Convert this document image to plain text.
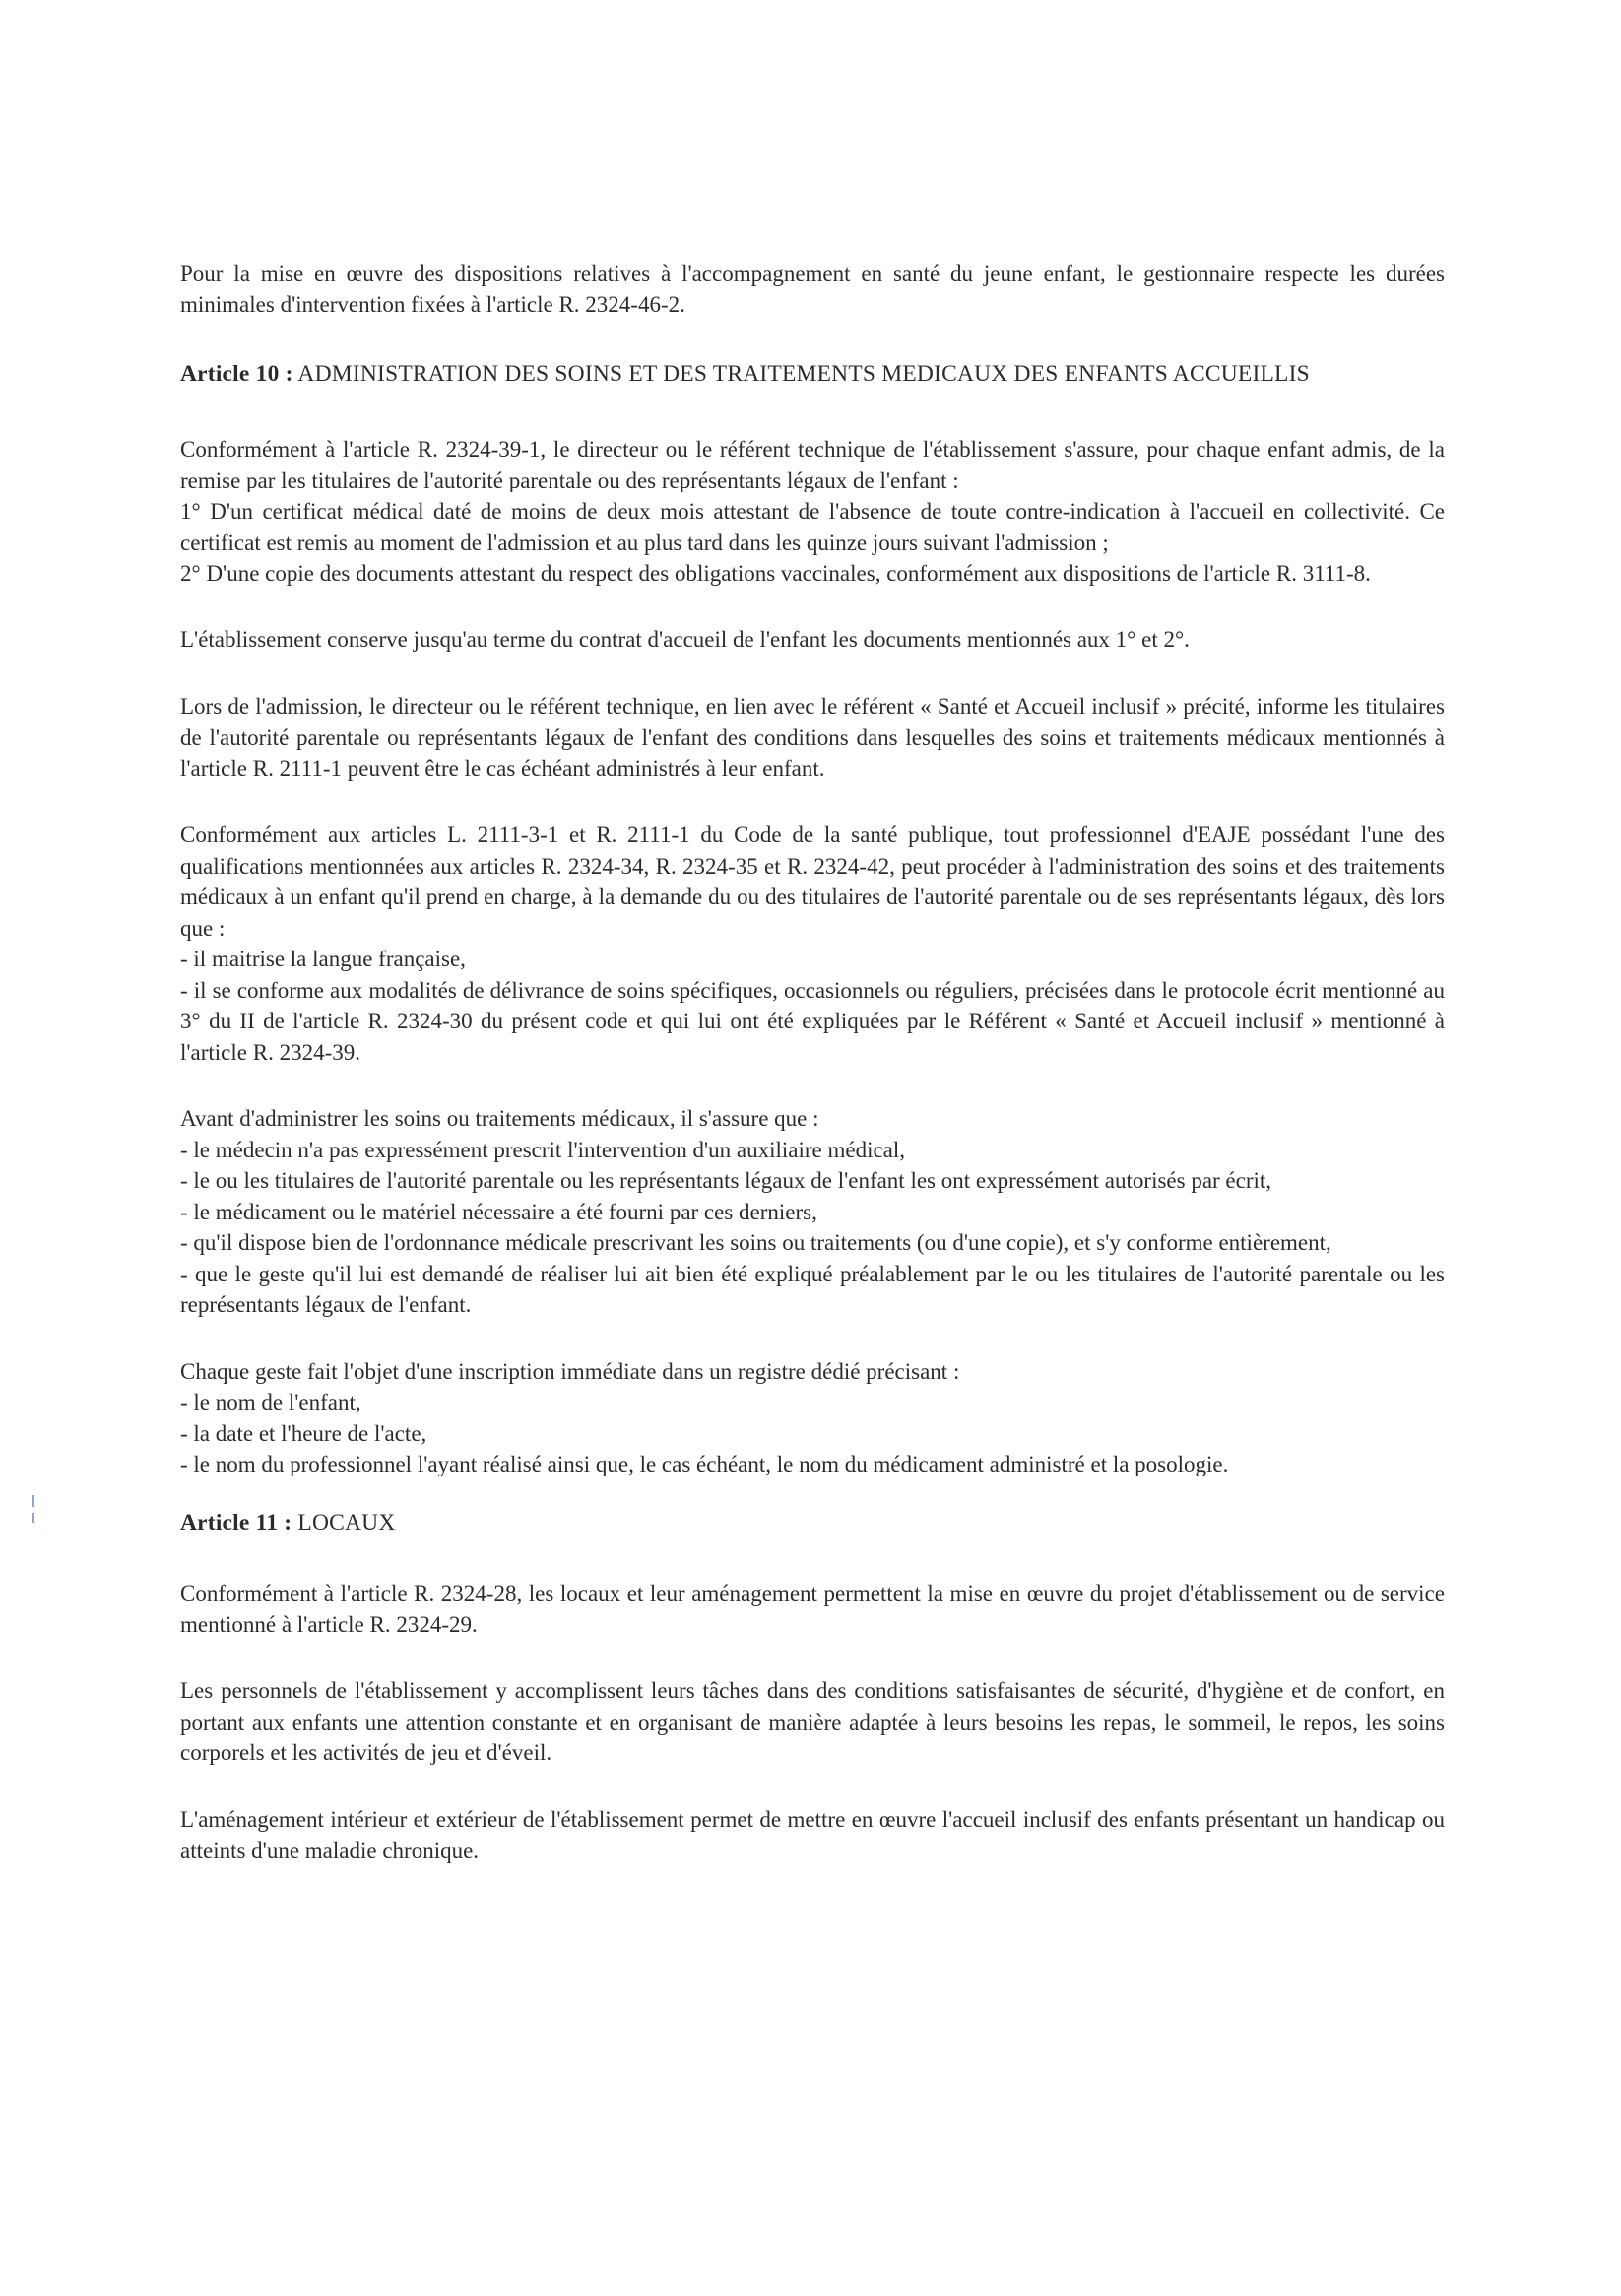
Pour la mise en œuvre des dispositions relatives à l'accompagnement en santé du jeune enfant, le gestionnaire respecte les durées minimales d'intervention fixées à l'article R. 2324-46-2.

Article 10 : ADMINISTRATION DES SOINS ET DES TRAITEMENTS MEDICAUX DES ENFANTS ACCUEILLIS
Conformément à l'article R. 2324-39-1, le directeur ou le référent technique de l'établissement s'assure, pour chaque enfant admis, de la remise par les titulaires de l'autorité parentale ou des représentants légaux de l'enfant :
1° D'un certificat médical daté de moins de deux mois attestant de l'absence de toute contre-indication à l'accueil en collectivité. Ce certificat est remis au moment de l'admission et au plus tard dans les quinze jours suivant l'admission ;
2° D'une copie des documents attestant du respect des obligations vaccinales, conformément aux dispositions de l'article R. 3111-8.

L'établissement conserve jusqu'au terme du contrat d'accueil de l'enfant les documents mentionnés aux 1° et 2°.

Lors de l'admission, le directeur ou le référent technique, en lien avec le référent « Santé et Accueil inclusif » précité, informe les titulaires de l'autorité parentale ou représentants légaux de l'enfant des conditions dans lesquelles des soins et traitements médicaux mentionnés à l'article R. 2111-1 peuvent être le cas échéant administrés à leur enfant.

Conformément aux articles L. 2111-3-1 et R. 2111-1 du Code de la santé publique, tout professionnel d'EAJE possédant l'une des qualifications mentionnées aux articles R. 2324-34, R. 2324-35 et R. 2324-42, peut procéder à l'administration des soins et des traitements médicaux à un enfant qu'il prend en charge, à la demande du ou des titulaires de l'autorité parentale ou de ses représentants légaux, dès lors que :
- il maitrise la langue française,
- il se conforme aux modalités de délivrance de soins spécifiques, occasionnels ou réguliers, précisées dans le protocole écrit mentionné au 3° du II de l'article R. 2324-30 du présent code et qui lui ont été expliquées par le Référent « Santé et Accueil inclusif » mentionné à l'article R. 2324-39.
Avant d'administrer les soins ou traitements médicaux, il s'assure que :
- le médecin n'a pas expressément prescrit l'intervention d'un auxiliaire médical,
- le ou les titulaires de l'autorité parentale ou les représentants légaux de l'enfant les ont expressément autorisés par écrit,
- le médicament ou le matériel nécessaire a été fourni par ces derniers,
- qu'il dispose bien de l'ordonnance médicale prescrivant les soins ou traitements (ou d'une copie), et s'y conforme entièrement,
- que le geste qu'il lui est demandé de réaliser lui ait bien été expliqué préalablement par le ou les titulaires de l'autorité parentale ou les représentants légaux de l'enfant.
Chaque geste fait l'objet d'une inscription immédiate dans un registre dédié précisant :
- le nom de l'enfant,
- la date et l'heure de l'acte,
- le nom du professionnel l'ayant réalisé ainsi que, le cas échéant, le nom du médicament administré et la posologie.
Article 11 : LOCAUX

Conformément à l'article R. 2324-28, les locaux et leur aménagement permettent la mise en œuvre du projet d'établissement ou de service mentionné à l'article R. 2324-29.

Les personnels de l'établissement y accomplissent leurs tâches dans des conditions satisfaisantes de sécurité, d'hygiène et de confort, en portant aux enfants une attention constante et en organisant de manière adaptée à leurs besoins les repas, le sommeil, le repos, les soins corporels et les activités de jeu et d'éveil.

L'aménagement intérieur et extérieur de l'établissement permet de mettre en œuvre l'accueil inclusif des enfants présentant un handicap ou atteints d'une maladie chronique.
